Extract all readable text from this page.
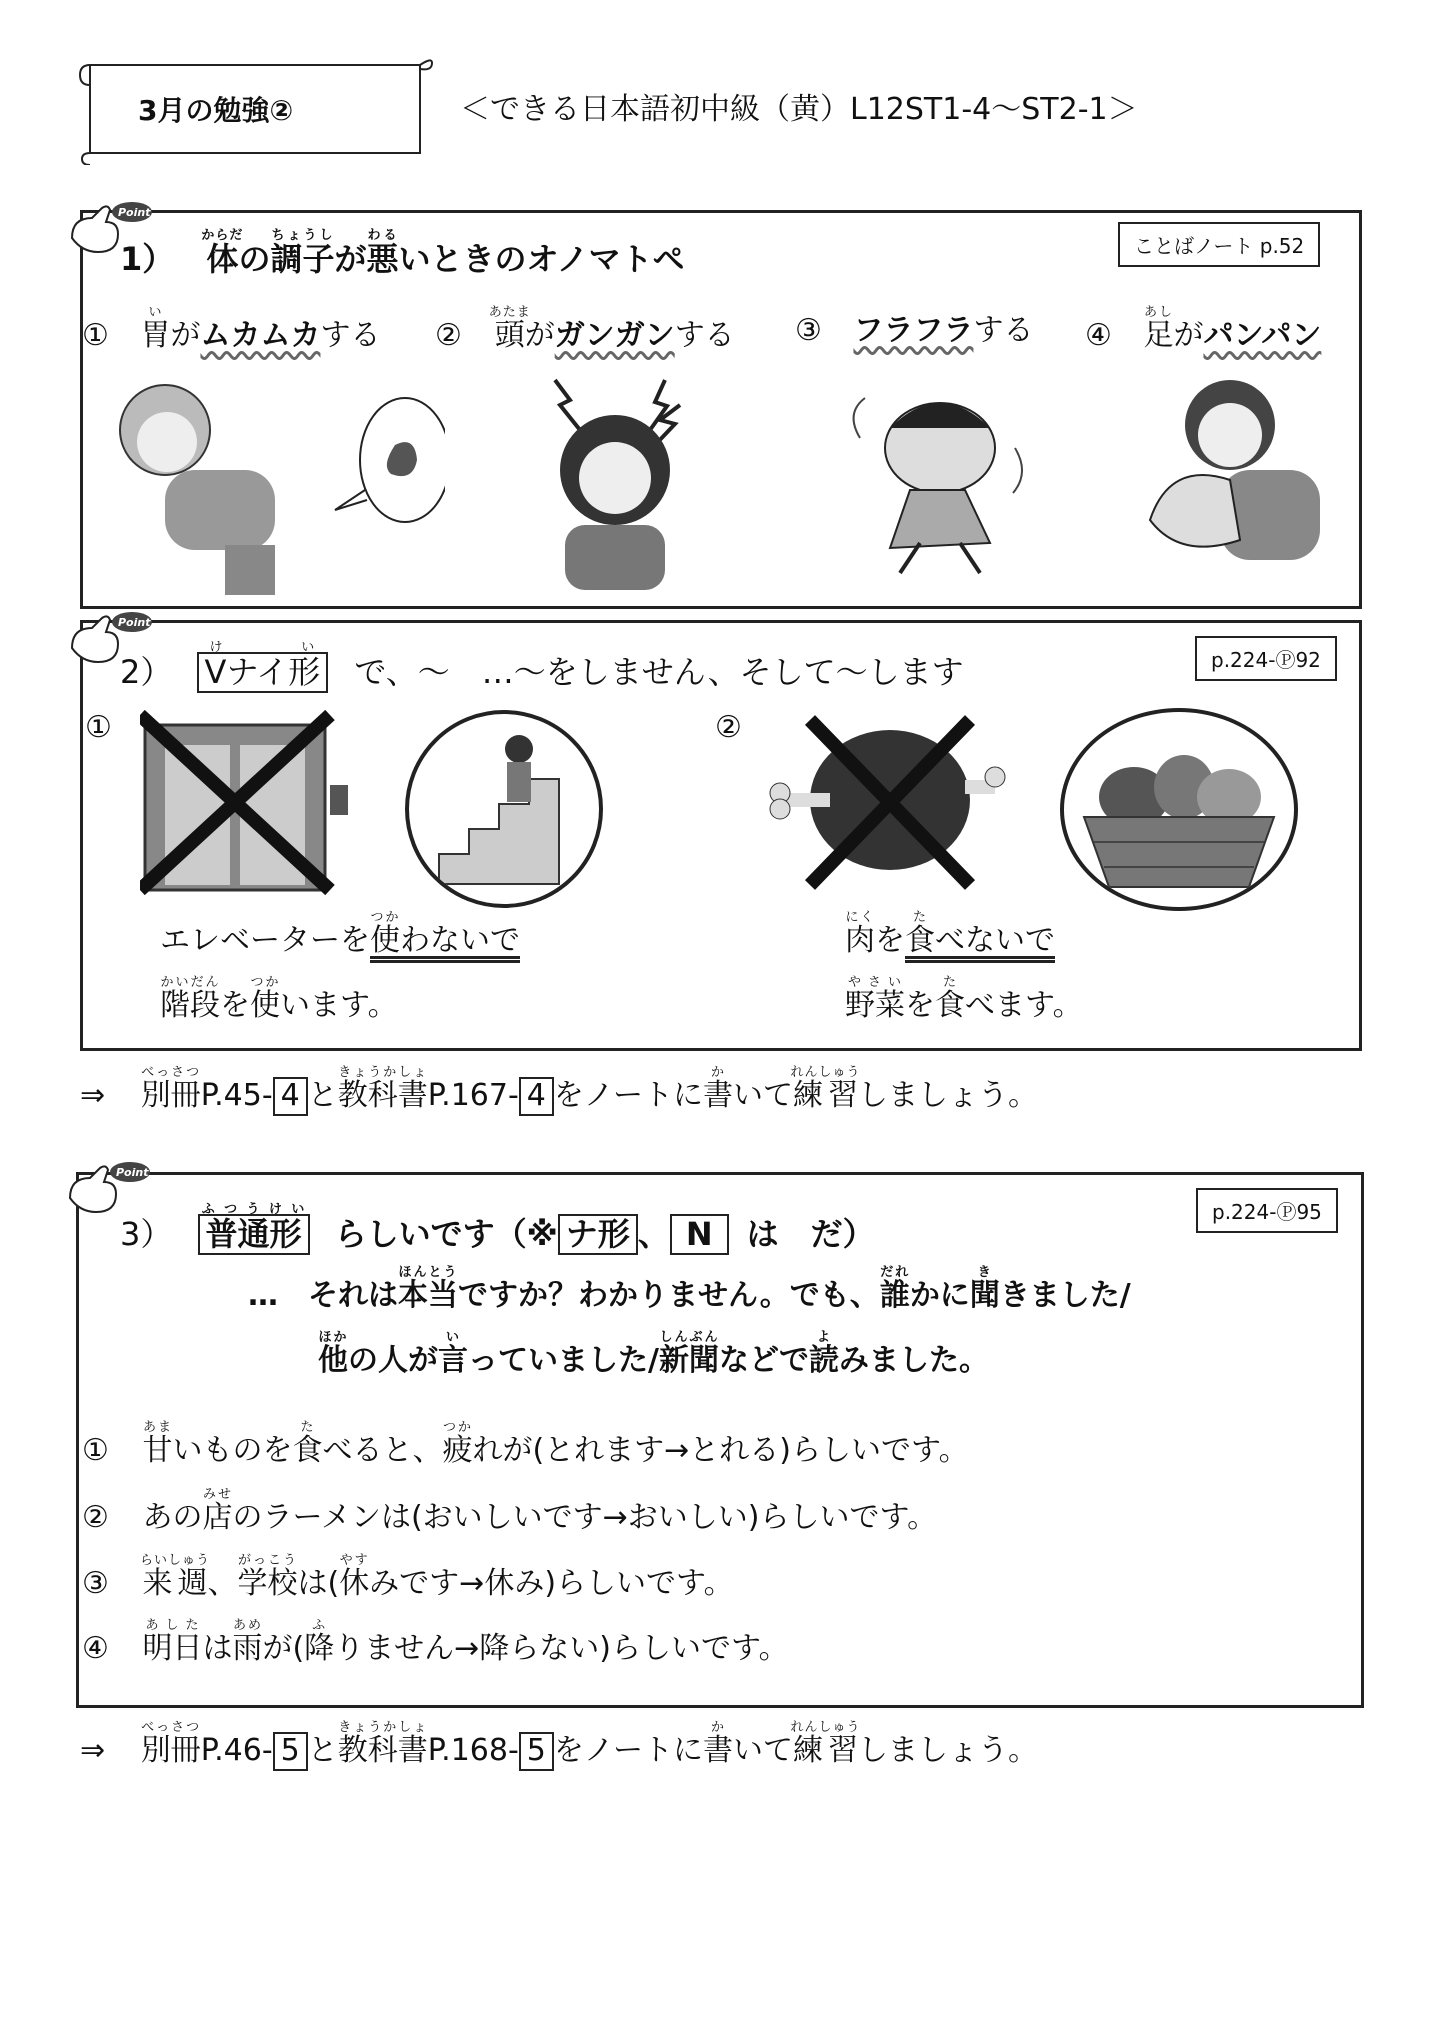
3月の勉強②	＜できる日本語初中級（黄）L12ST1-4～ST2-1＞
Point
1） 体からだの調子ちょうしが悪わるいときのオノマトペ	ことばノート p.52
① 胃いがムカムカする ② 頭あたまがガンガンする ③ フラフラする ④ 足あしがパンパン
Point
2） Vナイ形けい で、～　…～をしません、そして～します	p.224-Ⓟ92
①	②
エレベーターを使つかわないで
階段かいだんを使つかいます。
肉にくを食たべないで
野菜やさいを食たべます。
⇒ 別冊べっさつP.45- 4 と教科書きょうかしょP.167- 4 をノートに書かいて練習れんしゅうしましょう。
Point
3） 普通形ふつうけい らしいです（※ ナ形 、 N は　だ）
p.224-Ⓟ95
…　それは本当ほんとうですか？わかりません。でも、誰だれかに聞ききました/
他ほかの人が言いっていました/新聞しんぶんなどで読よみました。
① 甘あまいものを食たべると、疲つかれが(とれます→とれる)らしいです。
② あの店みせのラーメンは(おいしいです→おいしい)らしいです。
③ 来週らいしゅう、学校がっこうは(休やすみです→休み)らしいです。
④ 明日あしたは雨あめが(降ふりません→降らない)らしいです。
⇒ 別冊べっさつP.46- 5 と教科書きょうかしょP.168- 5 をノートに書かいて練習れんしゅうしましょう。
